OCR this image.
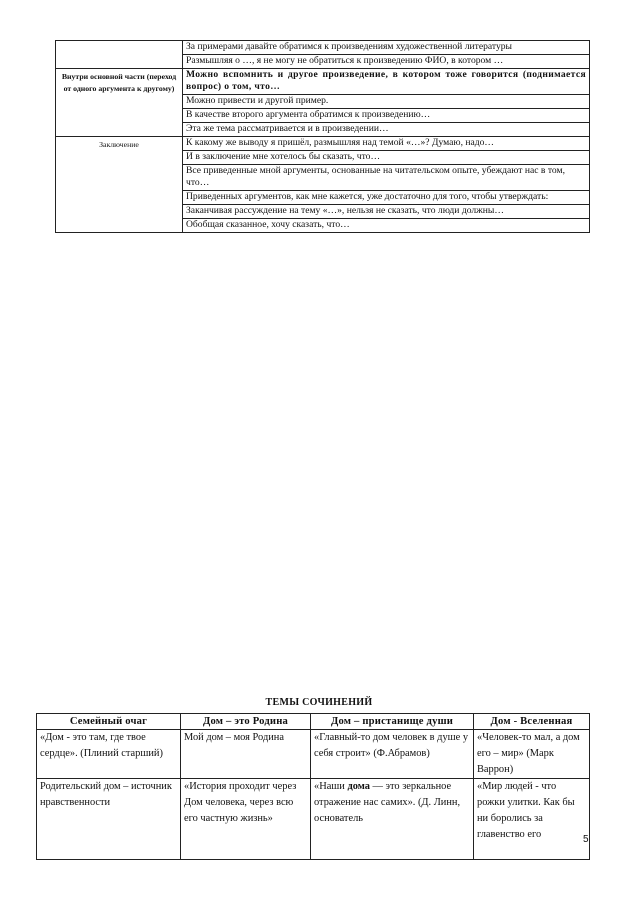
	За примерами давайте обратимся к произведениям художественной литературы
	Размышляя о …, я не могу не обратиться к произведению ФИО, в котором …
Внутри основной части (переход от одного аргумента к другому)	Можно вспомнить и другое произведение, в котором тоже говорится (поднимается вопрос) о том, что…
	Можно привести и другой пример.
	В качестве второго аргумента обратимся к произведению…
	Эта же тема рассматривается и в произведении…
Заключение	К какому же выводу я пришёл, размышляя над темой «…»? Думаю, надо…
	И в заключение мне хотелось бы сказать, что…
	Все приведенные мной аргументы, основанные на читательском опыте, убеждают нас в том, что…
	Приведенных аргументов, как мне кажется, уже достаточно для того, чтобы утверждать:
	Заканчивая рассуждение на тему «…», нельзя не сказать, что люди должны…
	Обобщая сказанное, хочу сказать, что…
ТЕМЫ СОЧИНЕНИЙ
Семейный очаг	Дом – это Родина	Дом – пристанище души	Дом - Вселенная
«Дом - это там, где твое сердце». (Плиний старший)	Мой дом – моя Родина	«Главный-то дом человек в душе у себя строит» (Ф.Абрамов)	«Человек-то мал, а дом его – мир» (Марк Варрон)
Родительский дом – источник нравственности	«История проходит через Дом человека, через всю его частную жизнь»	«Наши дома — это зеркальное отражение нас самих». (Д. Линн, основатель	«Мир людей - что рожки улитки. Как бы ни боролись за главенство его	5
